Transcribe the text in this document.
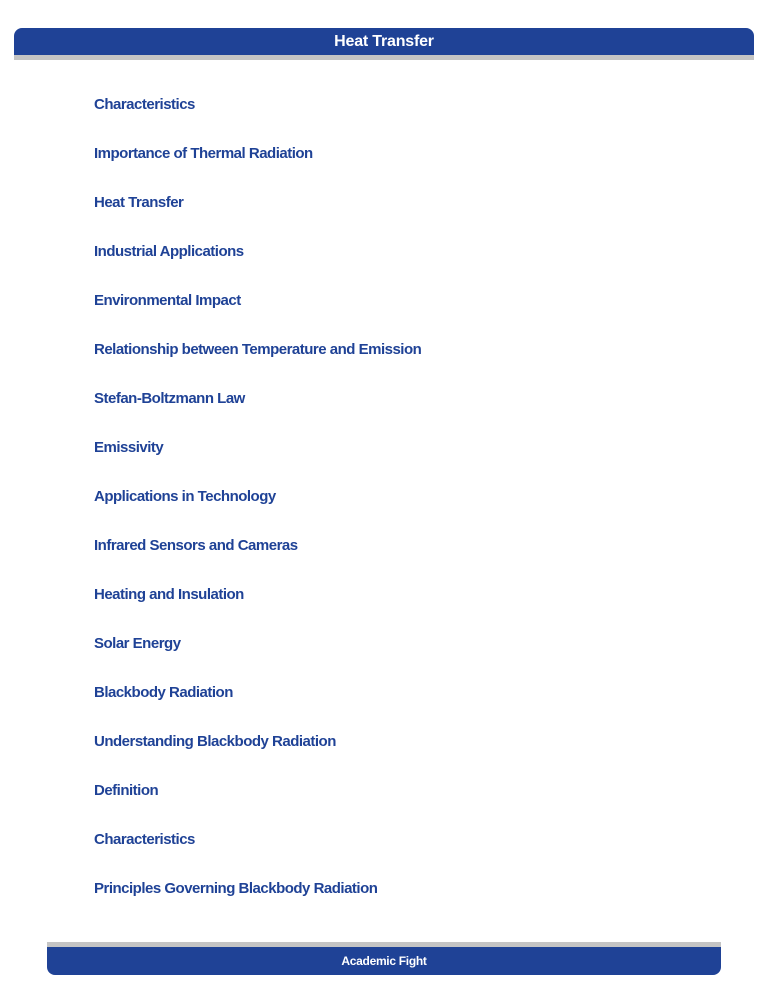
Heat Transfer
Characteristics
Importance of Thermal Radiation
Heat Transfer
Industrial Applications
Environmental Impact
Relationship between Temperature and Emission
Stefan-Boltzmann Law
Emissivity
Applications in Technology
Infrared Sensors and Cameras
Heating and Insulation
Solar Energy
Blackbody Radiation
Understanding Blackbody Radiation
Definition
Characteristics
Principles Governing Blackbody Radiation
Academic Fight
